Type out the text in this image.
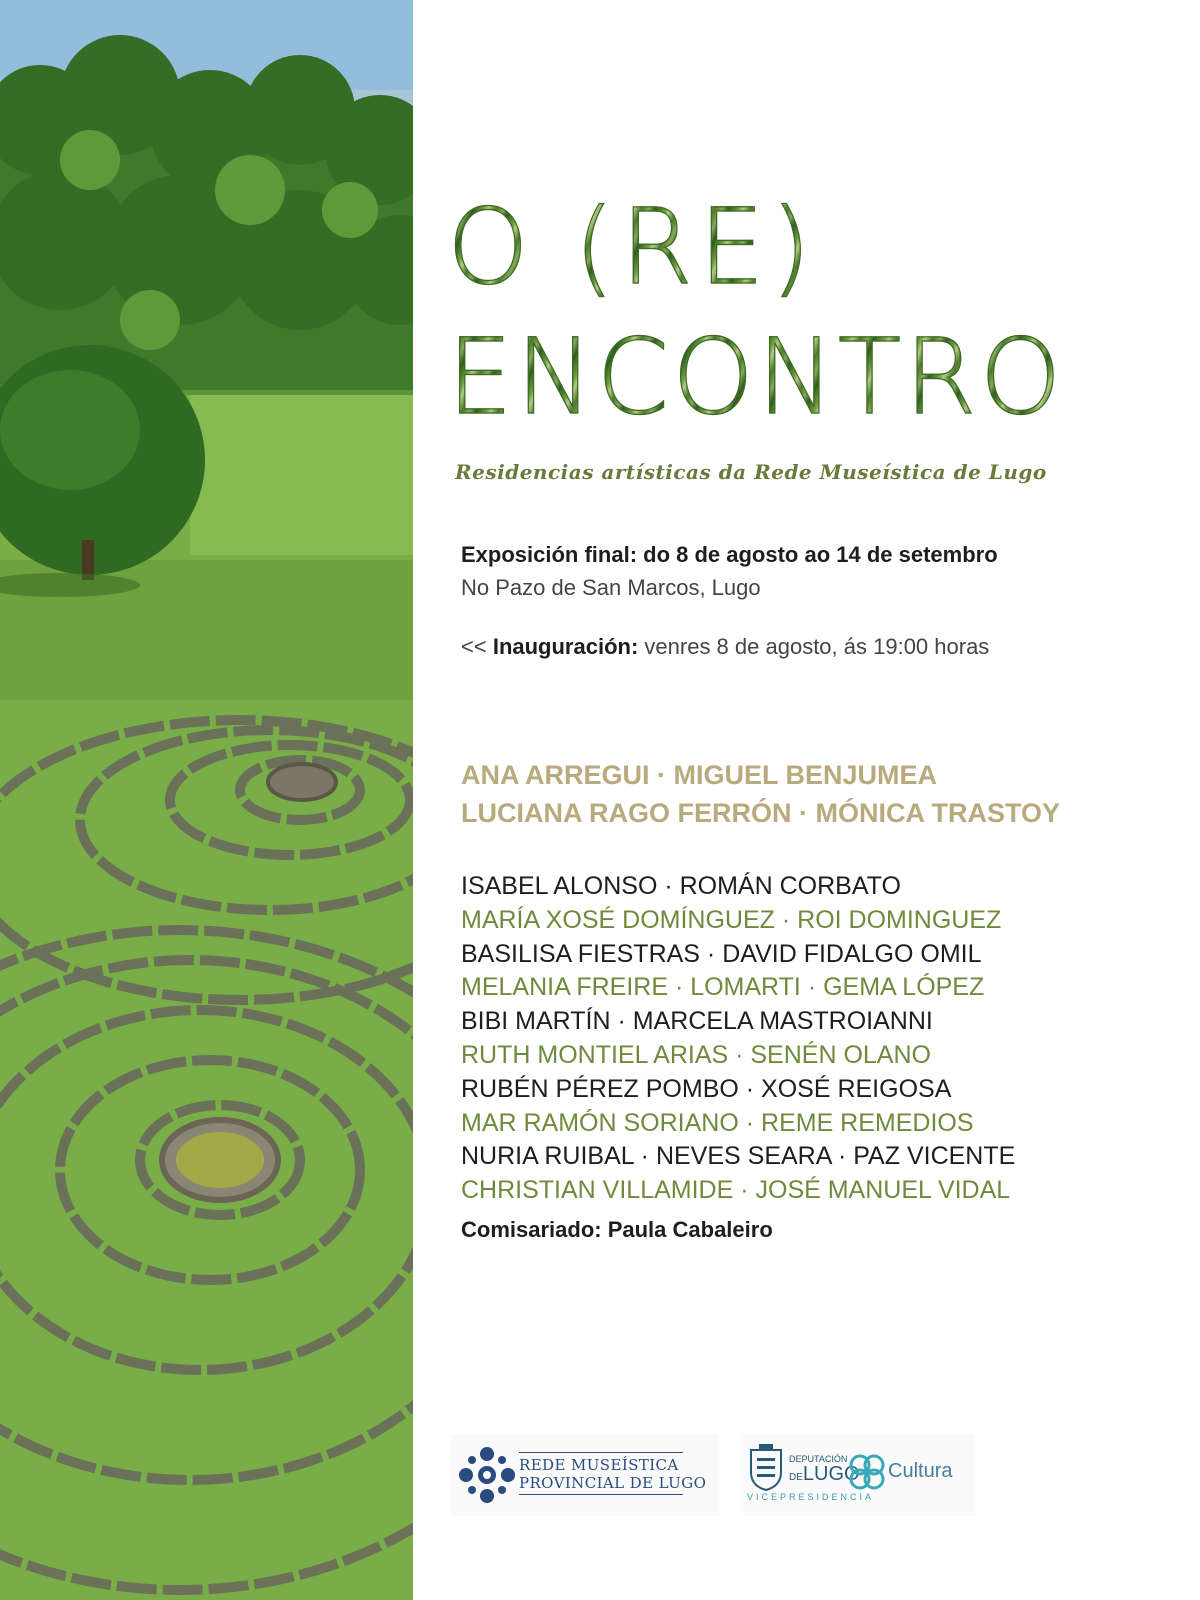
O (RE)
ENCONTRO
Residencias artísticas da Rede Museística de Lugo
Exposición final: do 8 de agosto ao 14 de setembro
No Pazo de San Marcos, Lugo
<< Inauguración: venres 8 de agosto, ás 19:00 horas
ANA ARREGUI · MIGUEL BENJUMEA
LUCIANA RAGO FERRÓN · MÓNICA TRASTOY
ISABEL ALONSO · ROMÁN CORBATO
MARÍA XOSÉ DOMÍNGUEZ · ROI DOMINGUEZ
BASILISA FIESTRAS · DAVID FIDALGO OMIL
MELANIA FREIRE · LOMARTI · GEMA LÓPEZ
BIBI MARTÍN · MARCELA MASTROIANNI
RUTH MONTIEL ARIAS · SENÉN OLANO
RUBÉN PÉREZ POMBO · XOSÉ REIGOSA
MAR RAMÓN SORIANO · REME REMEDIOS
NURIA RUIBAL · NEVES SEARA · PAZ VICENTE
CHRISTIAN VILLAMIDE · JOSÉ MANUEL VIDAL
Comisariado: Paula Cabaleiro
REDE MUSEÍSTICA
PROVINCIAL DE LUGO
DEPUTACIÓN
DELUGO Cultura
VICEPRESIDENCIA
